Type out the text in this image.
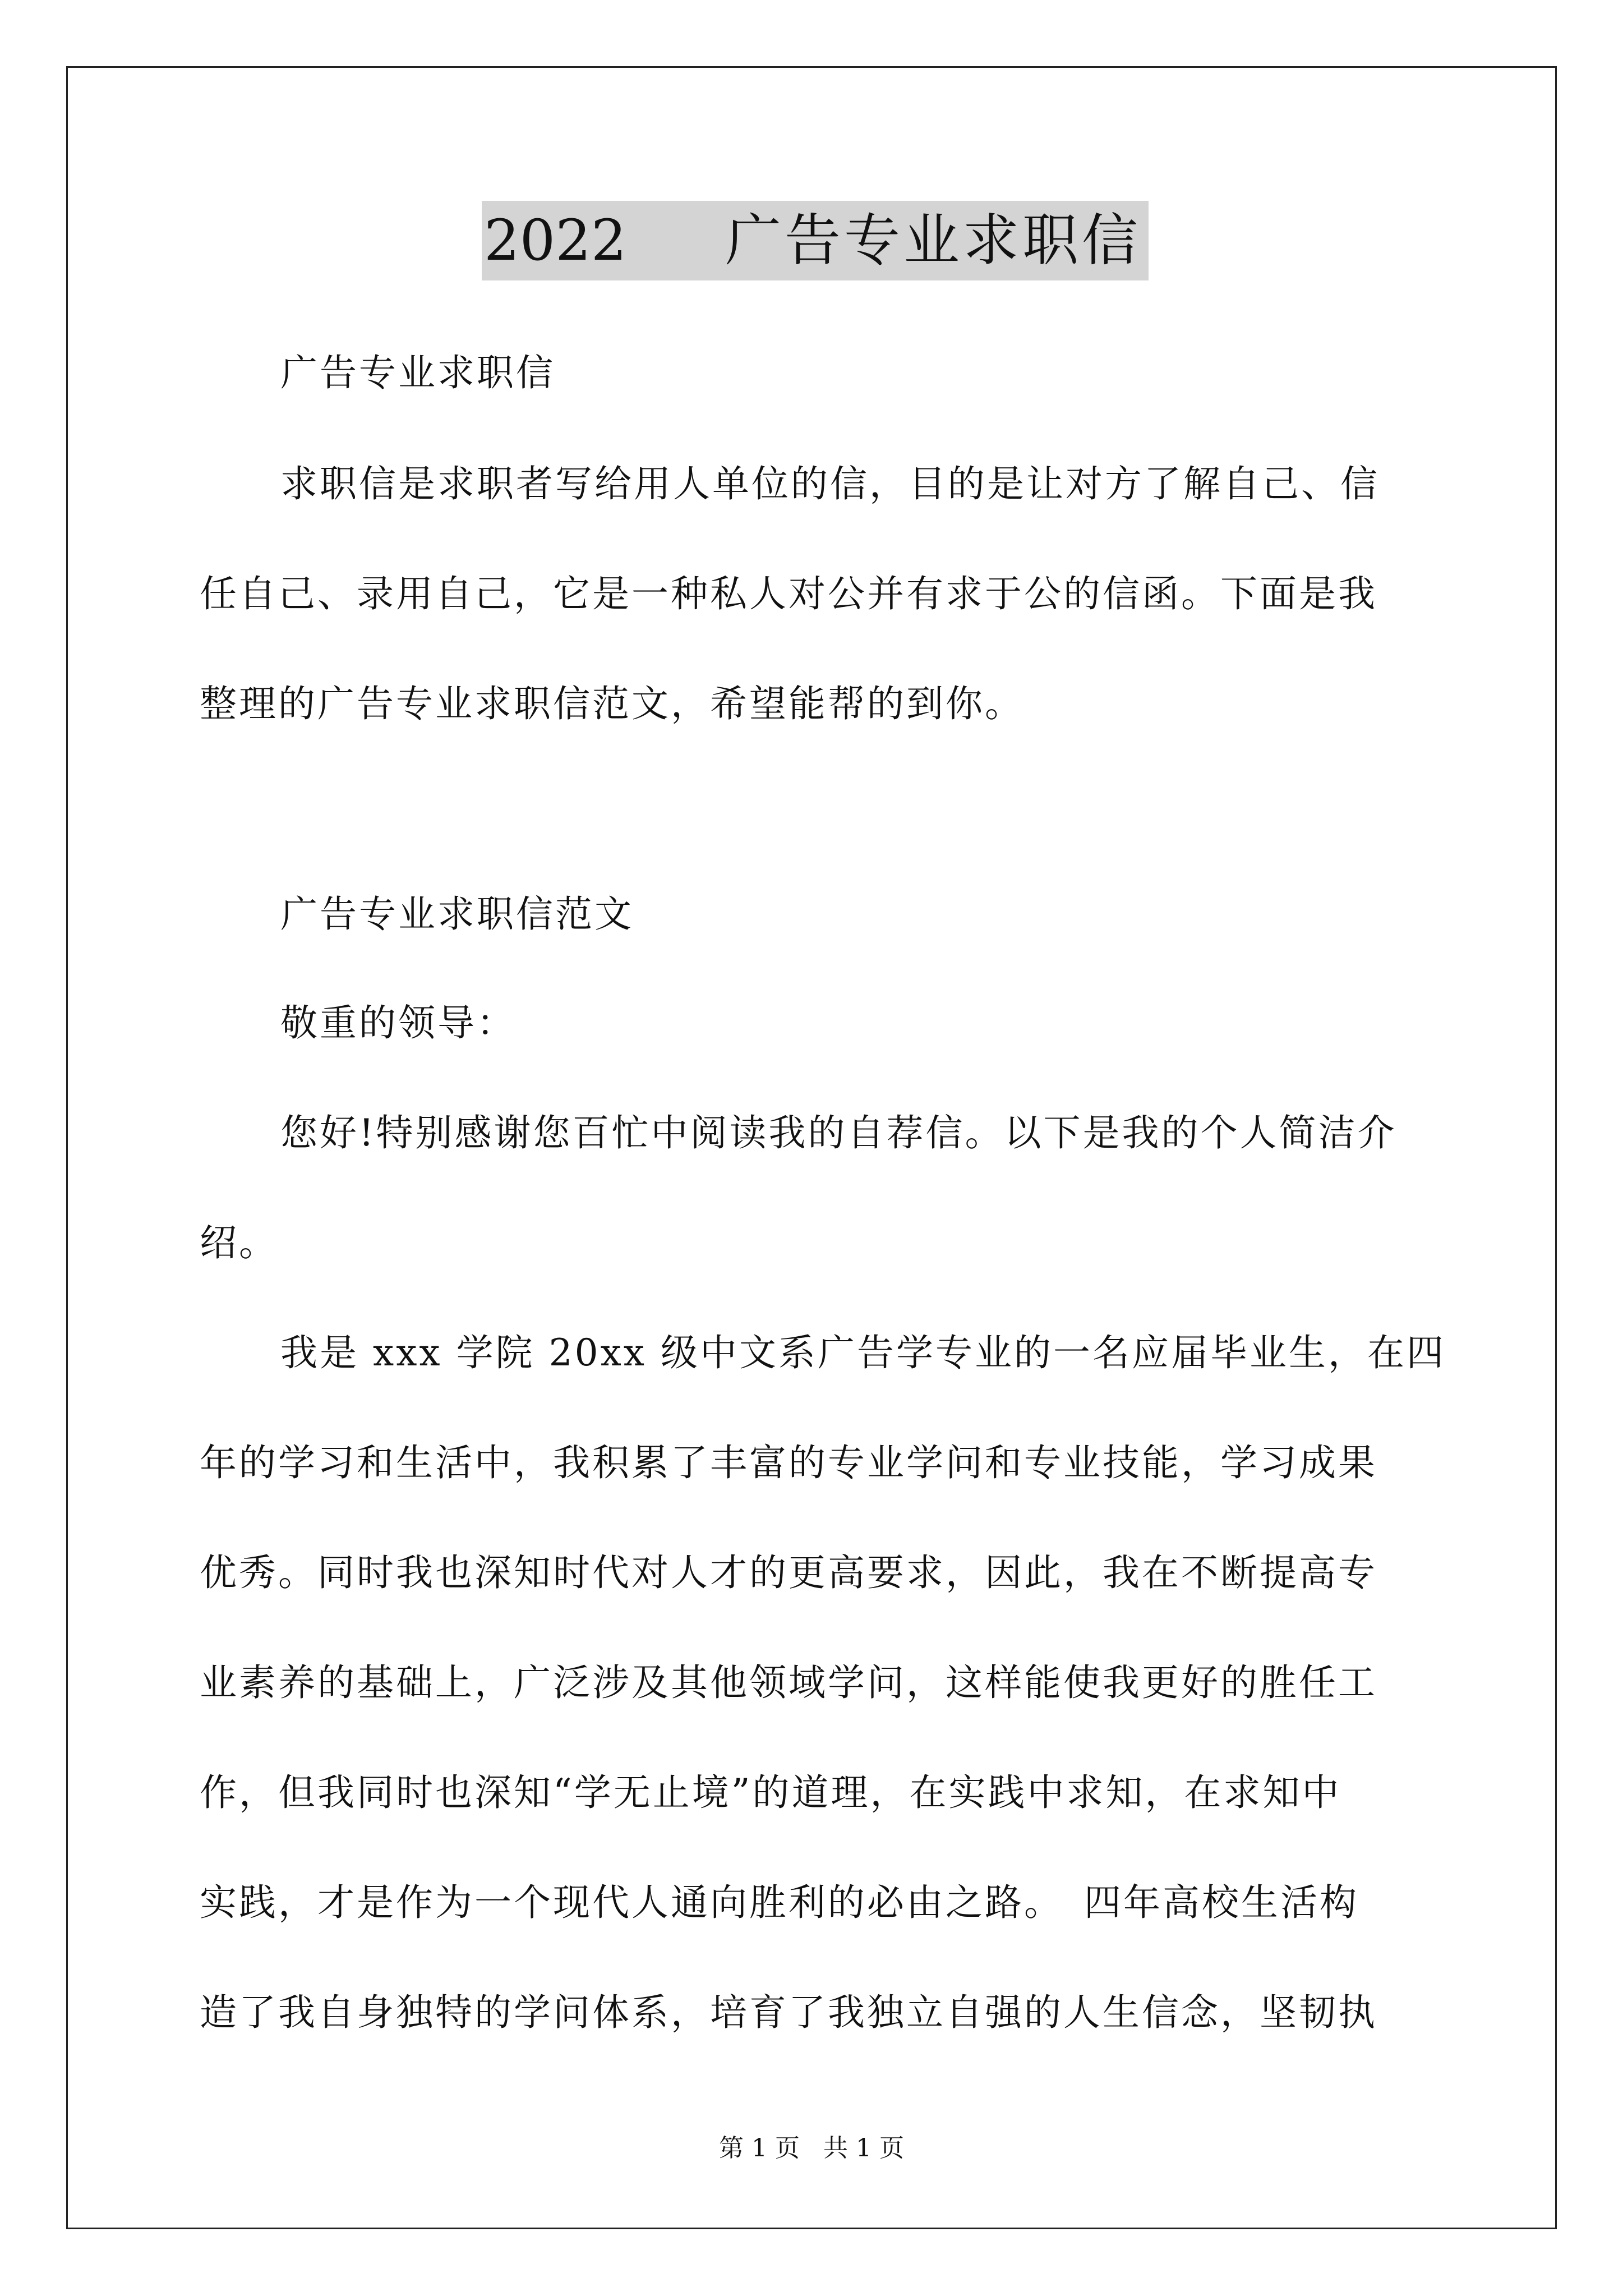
2022	广告专业求职信
广告专业求职信
求职信是求职者写给用人单位的信，目的是让对方了解自己、信
任自己、录用自己，它是一种私人对公并有求于公的信函。下面是我
整理的广告专业求职信范文，希望能帮的到你。
广告专业求职信范文
敬重的领导：
您好!特别感谢您百忙中阅读我的自荐信。以下是我的个人简洁介
绍。
我是 xxx 学院 20xx 级中文系广告学专业的一名应届毕业生，在四
年的学习和生活中，我积累了丰富的专业学问和专业技能，学习成果
优秀。同时我也深知时代对人才的更高要求，因此，我在不断提高专
业素养的基础上，广泛涉及其他领域学问，这样能使我更好的胜任工
作，但我同时也深知“学无止境”的道理，在实践中求知，在求知中
实践，才是作为一个现代人通向胜利的必由之路。　四年高校生活构
造了我自身独特的学问体系，培育了我独立自强的人生信念，坚韧执
第 1 页   共 1 页
